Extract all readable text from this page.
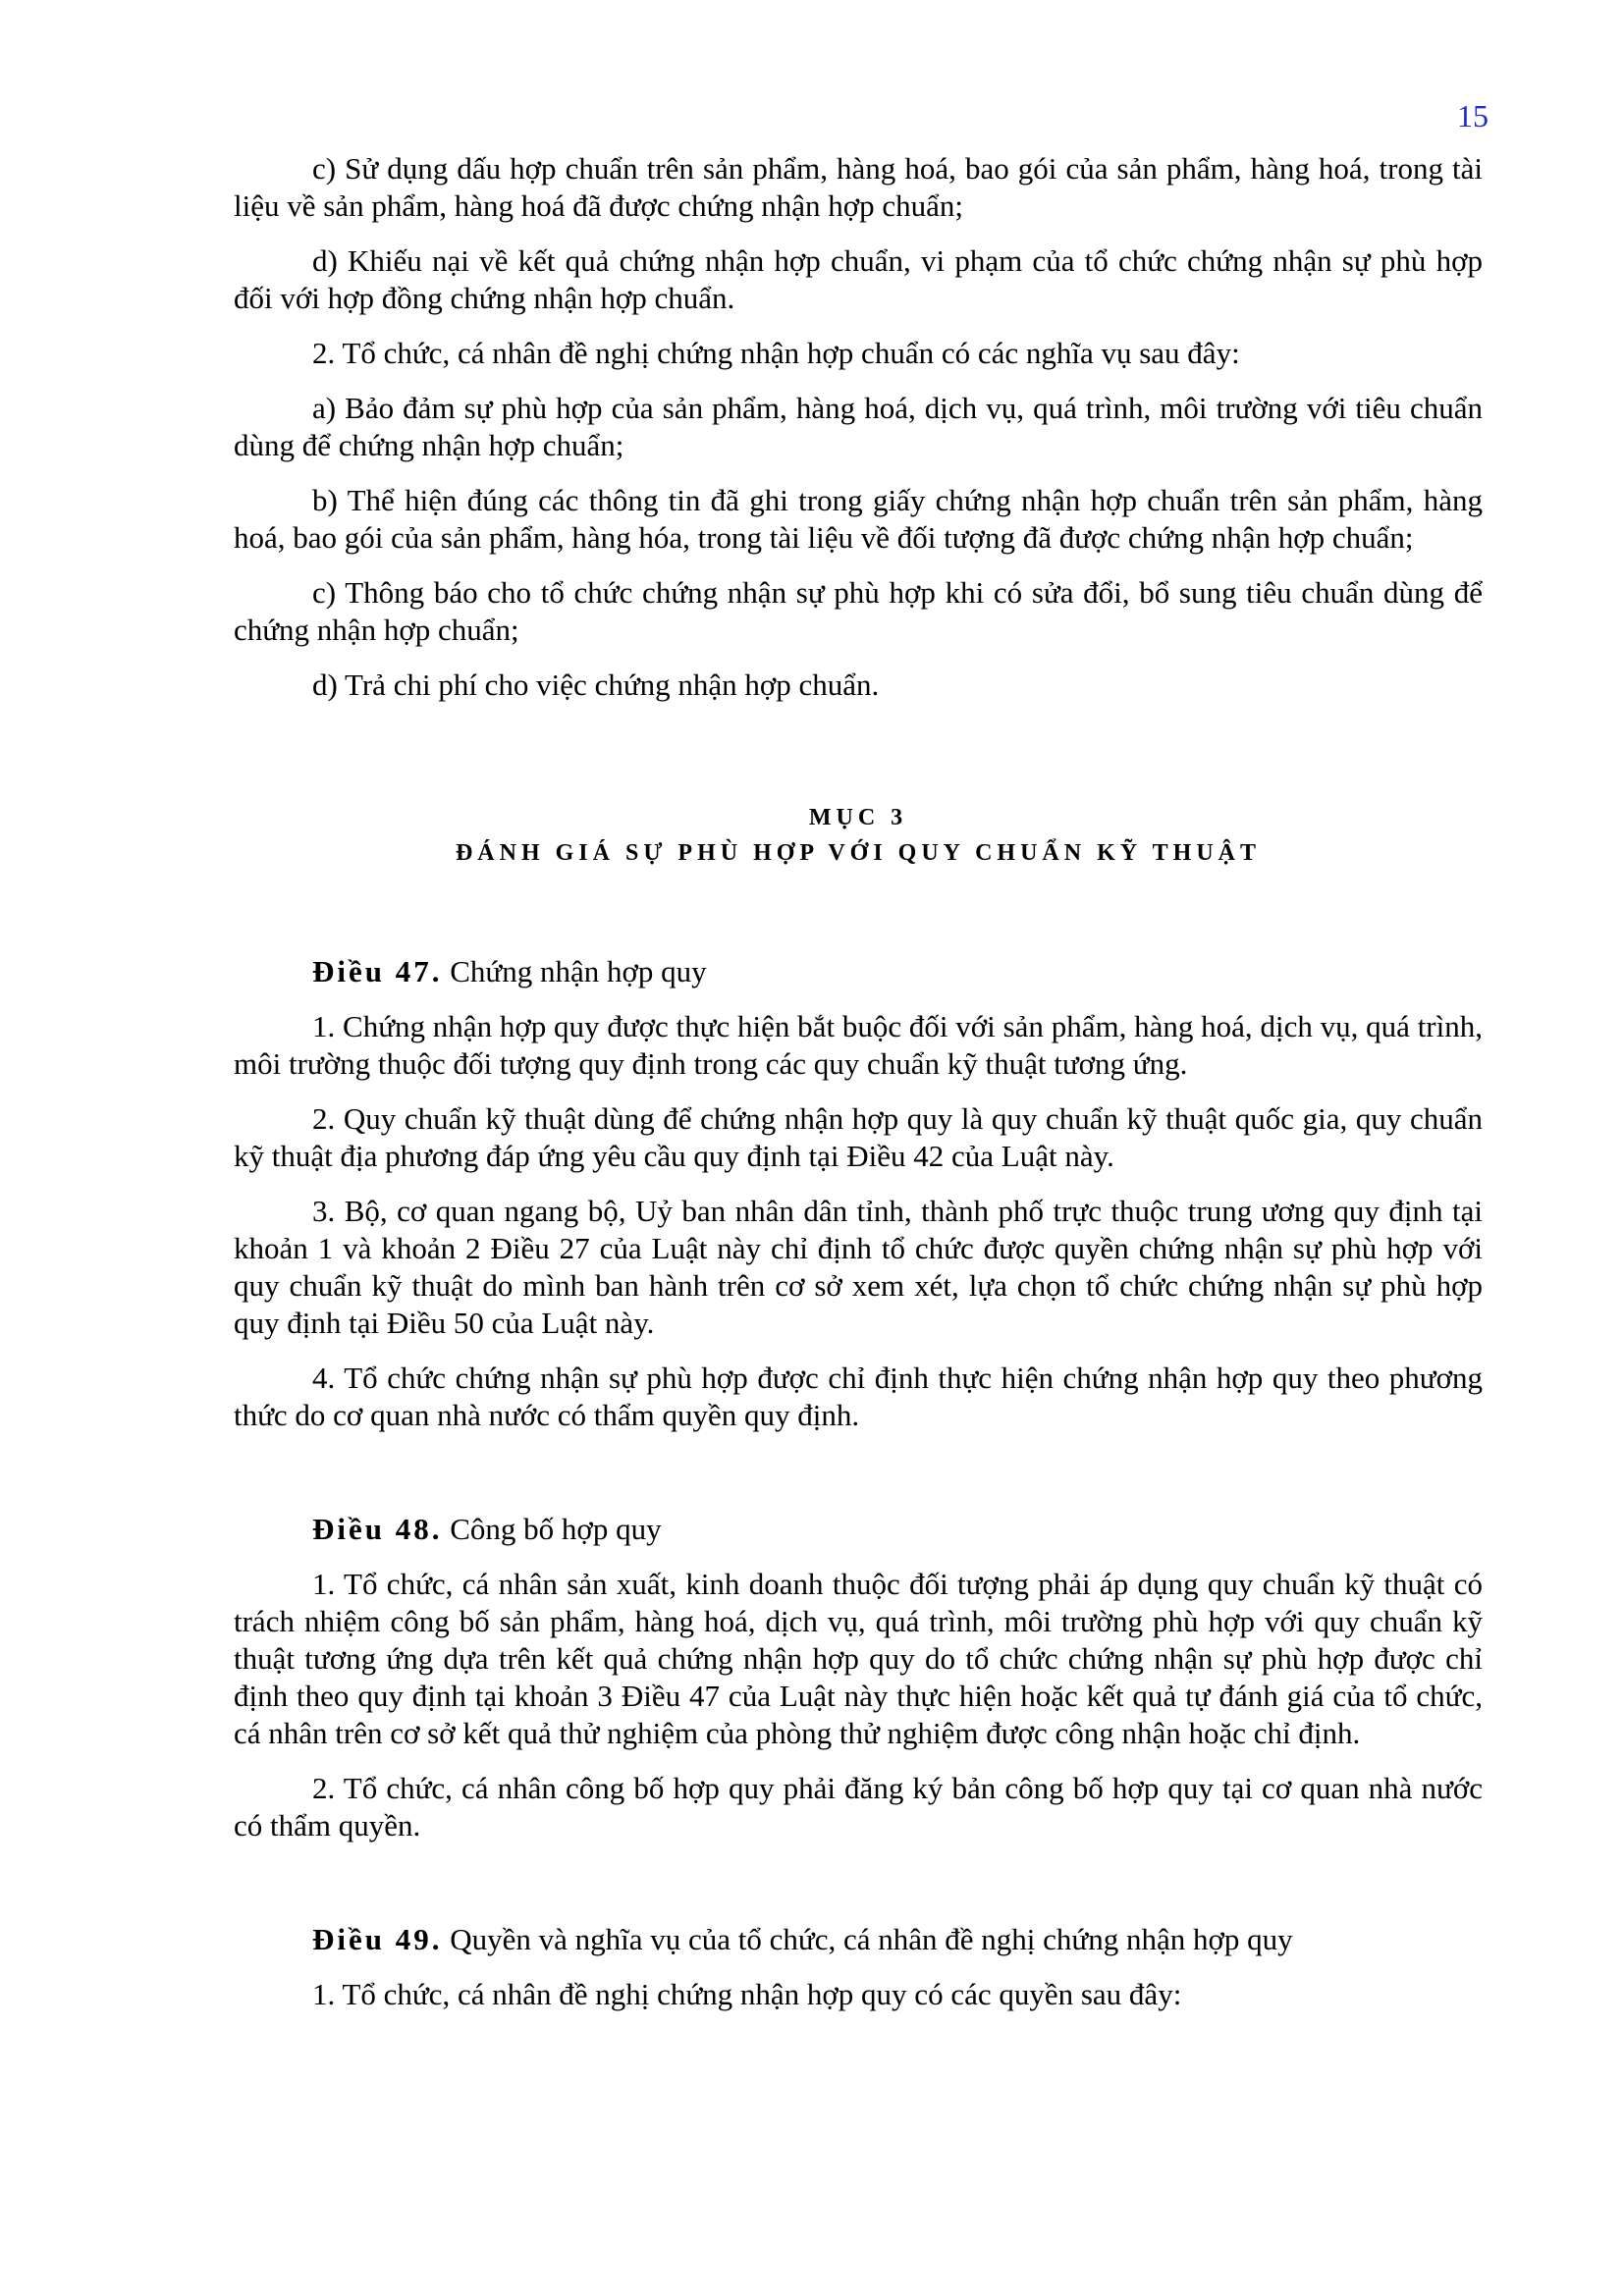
15

c) Sử dụng dấu hợp chuẩn trên sản phẩm, hàng hoá, bao gói của sản phẩm, hàng hoá, trong tài liệu về sản phẩm, hàng hoá đã được chứng nhận hợp chuẩn;

d) Khiếu nại về kết quả chứng nhận hợp chuẩn, vi phạm của tổ chức chứng nhận sự phù hợp đối với hợp đồng chứng nhận hợp chuẩn.

2. Tổ chức, cá nhân đề nghị chứng nhận hợp chuẩn có các nghĩa vụ sau đây:

a) Bảo đảm sự phù hợp của sản phẩm, hàng hoá, dịch vụ, quá trình, môi trường với tiêu chuẩn dùng để chứng nhận hợp chuẩn;

b) Thể hiện đúng các thông tin đã ghi trong giấy chứng nhận hợp chuẩn trên sản phẩm, hàng hoá, bao gói của sản phẩm, hàng hóa, trong tài liệu về đối tượng đã được chứng nhận hợp chuẩn;

c) Thông báo cho tổ chức chứng nhận sự phù hợp khi có sửa đổi, bổ sung tiêu chuẩn dùng để chứng nhận hợp chuẩn;

d) Trả chi phí cho việc chứng nhận hợp chuẩn.

MỤC 3
ĐÁNH GIÁ SỰ PHÙ HỢP VỚI QUY CHUẨN KỸ THUẬT
Điều 47. Chứng nhận hợp quy

1. Chứng nhận hợp quy được thực hiện bắt buộc đối với sản phẩm, hàng hoá, dịch vụ, quá trình, môi trường thuộc đối tượng quy định trong các quy chuẩn kỹ thuật tương ứng.

2. Quy chuẩn kỹ thuật dùng để chứng nhận hợp quy là quy chuẩn kỹ thuật quốc gia, quy chuẩn kỹ thuật địa phương đáp ứng yêu cầu quy định tại Điều 42 của Luật này.

3. Bộ, cơ quan ngang bộ, Uỷ ban nhân dân tỉnh, thành phố trực thuộc trung ương quy định tại khoản 1 và khoản 2 Điều 27 của Luật này chỉ định tổ chức được quyền chứng nhận sự phù hợp với quy chuẩn kỹ thuật do mình ban hành trên cơ sở xem xét, lựa chọn tổ chức chứng nhận sự phù hợp quy định tại Điều 50 của Luật này.

4. Tổ chức chứng nhận sự phù hợp được chỉ định thực hiện chứng nhận hợp quy theo phương thức do cơ quan nhà nước có thẩm quyền quy định.

Điều 48. Công bố hợp quy

1. Tổ chức, cá nhân sản xuất, kinh doanh thuộc đối tượng phải áp dụng quy chuẩn kỹ thuật có trách nhiệm công bố sản phẩm, hàng hoá, dịch vụ, quá trình, môi trường phù hợp với quy chuẩn kỹ thuật tương ứng dựa trên kết quả chứng nhận hợp quy do tổ chức chứng nhận sự phù hợp được chỉ định theo quy định tại khoản 3 Điều 47 của Luật này thực hiện hoặc kết quả tự đánh giá của tổ chức, cá nhân trên cơ sở kết quả thử nghiệm của phòng thử nghiệm được công nhận hoặc chỉ định.

2. Tổ chức, cá nhân công bố hợp quy phải đăng ký bản công bố hợp quy tại cơ quan nhà nước có thẩm quyền.

Điều 49. Quyền và nghĩa vụ của tổ chức, cá nhân đề nghị chứng nhận hợp quy

1. Tổ chức, cá nhân đề nghị chứng nhận hợp quy có các quyền sau đây:
